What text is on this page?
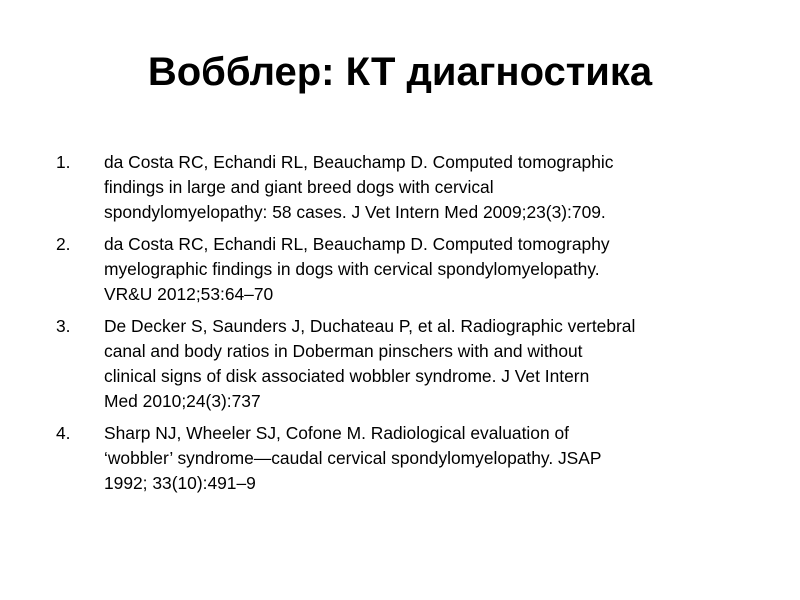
Вобблер: КТ диагностика
1. da Costa RC, Echandi RL, Beauchamp D. Computed tomographic
findings in large and giant breed dogs with cervical
spondylomyelopathy: 58 cases. J Vet Intern Med 2009;23(3):709.
2. da Costa RC, Echandi RL, Beauchamp D. Computed tomography
myelographic findings in dogs with cervical spondylomyelopathy.
VR&U 2012;53:64–70
3. De Decker S, Saunders J, Duchateau P, et al. Radiographic vertebral
canal and body ratios in Doberman pinschers with and without
clinical signs of disk associated wobbler syndrome. J Vet Intern
Med 2010;24(3):737
4. Sharp NJ, Wheeler SJ, Cofone M. Radiological evaluation of
‘wobbler’ syndrome—caudal cervical spondylomyelopathy. JSAP
1992; 33(10):491–9
